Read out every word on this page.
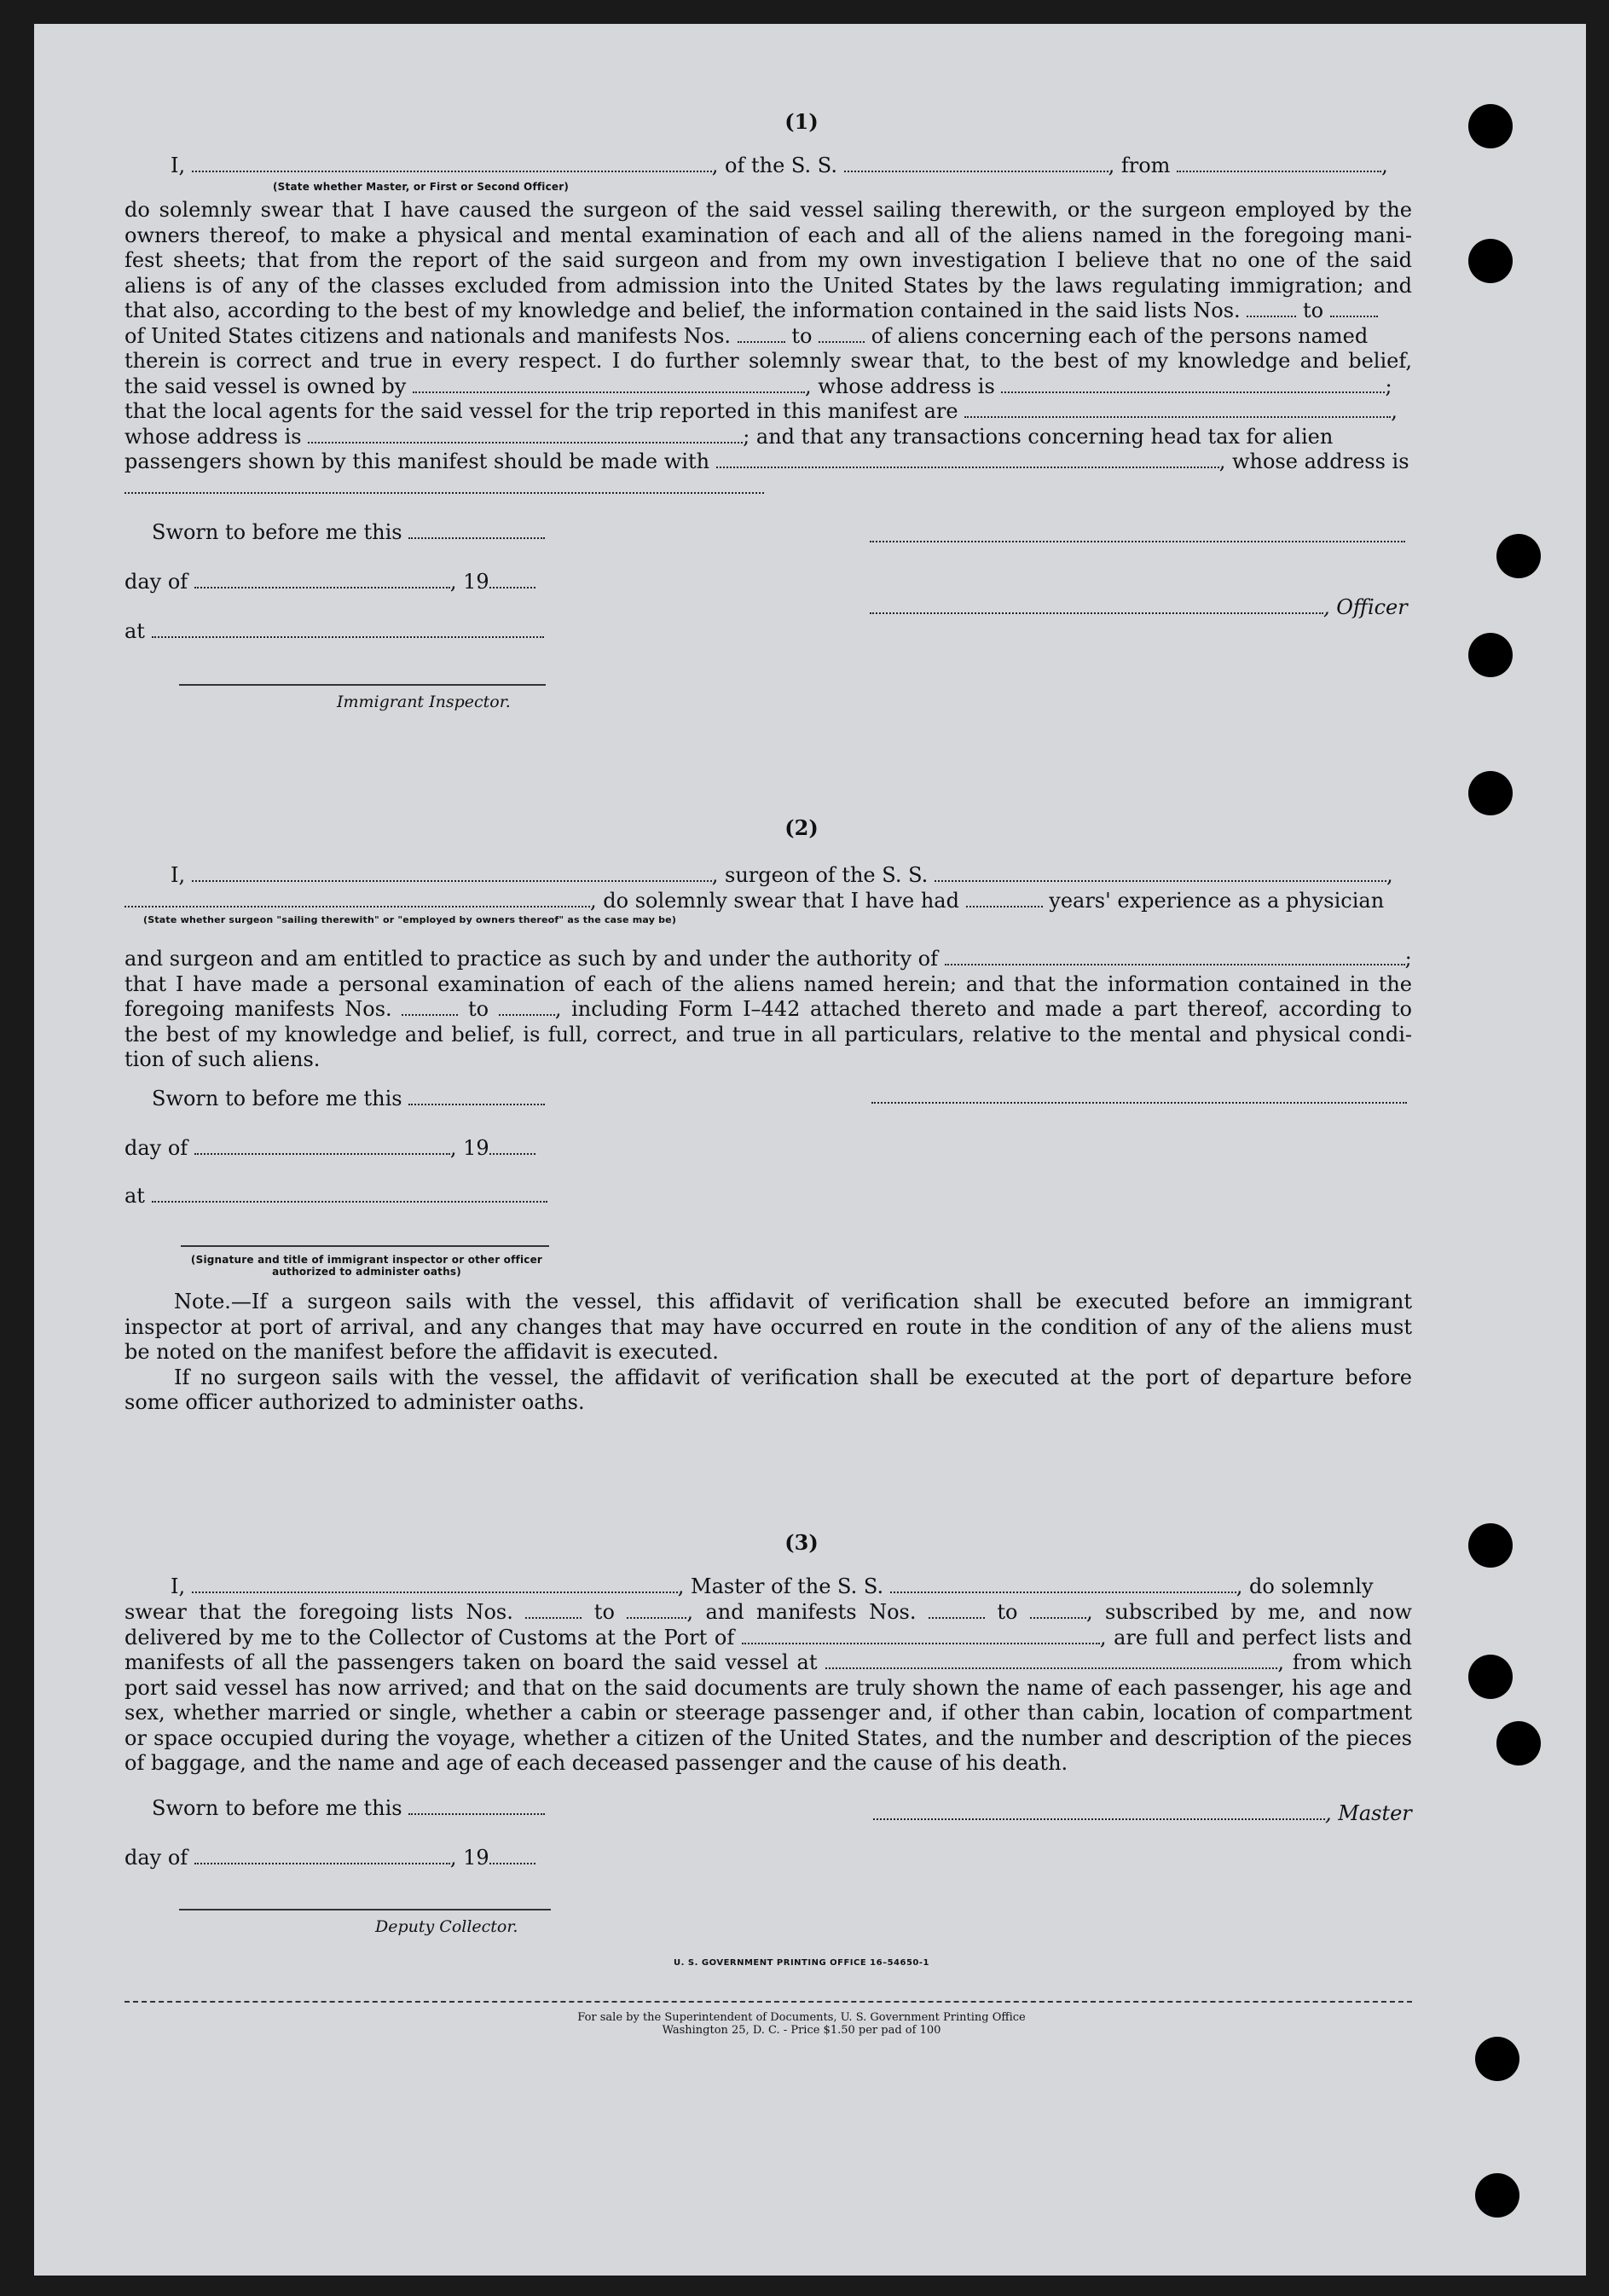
(1)
I,	, of the S. S.	, from	,
(State whether Master, or First or Second Officer)
do solemnly swear that I have caused the surgeon of the said vessel sailing therewith, or the surgeon employed by the
owners thereof, to make a physical and mental examination of each and all of the aliens named in the foregoing mani-
fest sheets; that from the report of the said surgeon and from my own investigation I believe that no one of the said
aliens is of any of the classes excluded from admission into the United States by the laws regulating immigration; and
that also, according to the best of my knowledge and belief, the information contained in the said lists Nos.	to
of United States citizens and nationals and manifests Nos.	to	of aliens concerning each of the persons named
therein is correct and true in every respect. I do further solemnly swear that, to the best of my knowledge and belief,
the said vessel is owned by	, whose address is	;
that the local agents for the said vessel for the trip reported in this manifest are	,
whose address is	; and that any transactions concerning head tax for alien
passengers shown by this manifest should be made with	, whose address is
Sworn to before me this
day of	, 19
, Officer
at
Immigrant Inspector.
(2)
I,	, surgeon of the S. S.	,
, do solemnly swear that I have had	years' experience as a physician
(State whether surgeon "sailing therewith" or "employed by owners thereof" as the case may be)
and surgeon and am entitled to practice as such by and under the authority of	;
that I have made a personal examination of each of the aliens named herein; and that the information contained in the
foregoing manifests Nos.	to	, including Form I–442 attached thereto and made a part thereof, according to
the best of my knowledge and belief, is full, correct, and true in all particulars, relative to the mental and physical condi-
tion of such aliens.
Sworn to before me this
day of	, 19
at
(Signature and title of immigrant inspector or other officer authorized to administer oaths)
Note.—If a surgeon sails with the vessel, this affidavit of verification shall be executed before an immigrant
inspector at port of arrival, and any changes that may have occurred en route in the condition of any of the aliens must
be noted on the manifest before the affidavit is executed.
If no surgeon sails with the vessel, the affidavit of verification shall be executed at the port of departure before
some officer authorized to administer oaths.
(3)
I,	, Master of the S. S.	, do solemnly
swear that the foregoing lists Nos.	to	, and manifests Nos.	to	, subscribed by me, and now
delivered by me to the Collector of Customs at the Port of	, are full and perfect lists and
manifests of all the passengers taken on board the said vessel at	, from which
port said vessel has now arrived; and that on the said documents are truly shown the name of each passenger, his age and
sex, whether married or single, whether a cabin or steerage passenger and, if other than cabin, location of compartment
or space occupied during the voyage, whether a citizen of the United States, and the number and description of the pieces
of baggage, and the name and age of each deceased passenger and the cause of his death.
Sworn to before me this	, Master
day of	, 19
Deputy Collector.
U. S. GOVERNMENT PRINTING OFFICE 16–54650-1
For sale by the Superintendent of Documents, U. S. Government Printing Office
Washington 25, D. C. - Price $1.50 per pad of 100
